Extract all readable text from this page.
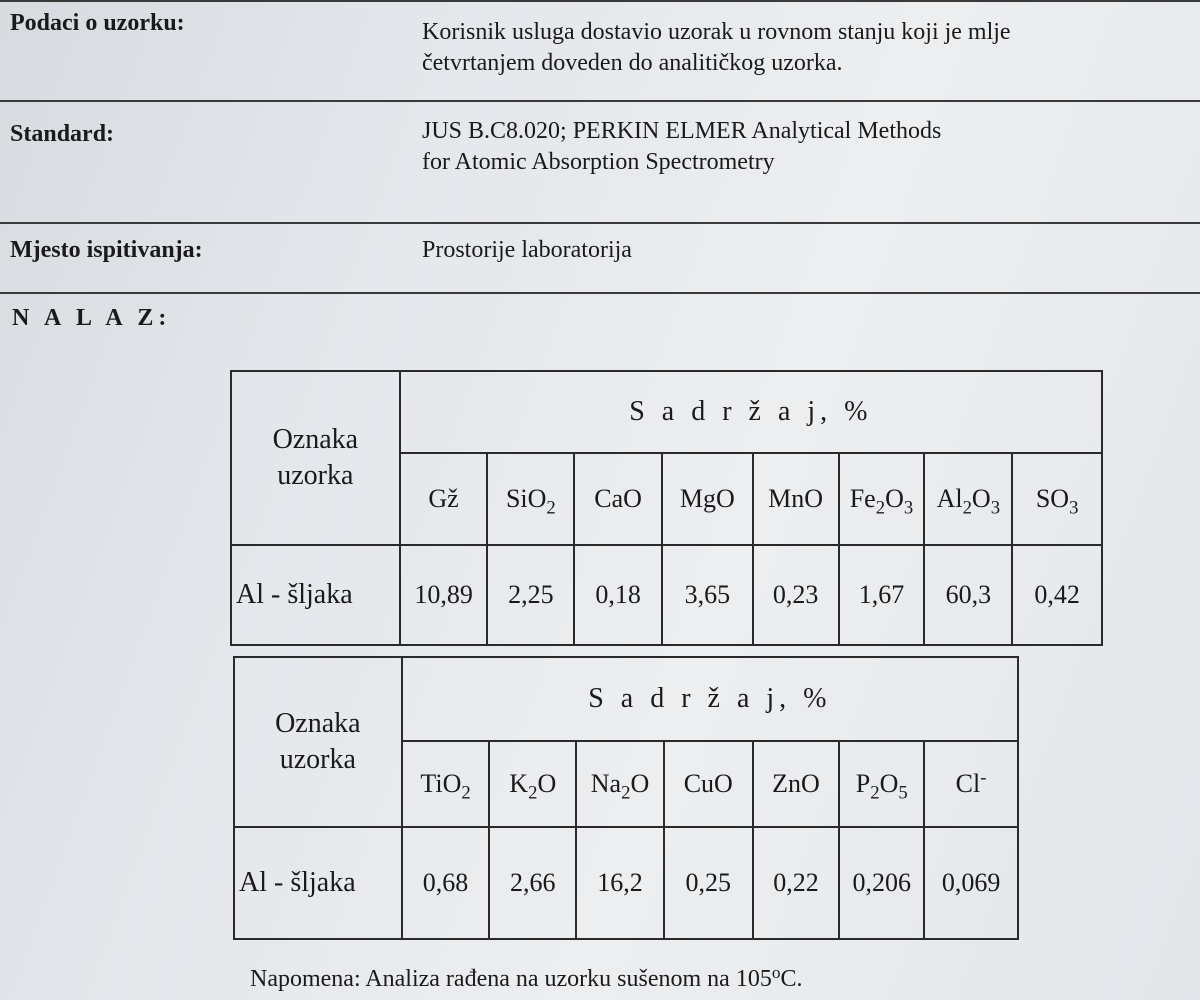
Podaci o uzorku:	Korisnik usluga dostavio uzorak u rovnom stanju koji je mlje
četvrtanjem doveden do analitičkog uzorka.
Standard:	JUS B.C8.020; PERKIN ELMER Analytical Methods
for Atomic Absorption Spectrometry
Mjesto ispitivanja:	Prostorije laboratorija
N A L A Z:
Oznaka
uzorka	S a d r ž a j, %							
	Gž	SiO$_2$	CaO	MgO	MnO	$Fe_2O_3$	$Al_2O_3$	$SO_3$
Al - šljaka	10,89	2,25	0,18	3,65	0,23	1,67	60,3	0,42
Oznaka
uzorka	S a d r ž a j, %						
	TiO$_2$	$K_2O$	$Na_2O$	CuO	ZnO	$P_2O_5$	Cl-
Al - šljaka	0,68	2,66	16,2	0,25	0,22	0,206	0,069
Napomena: Analiza rađena na uzorku sušenom na 105$^o$C.
